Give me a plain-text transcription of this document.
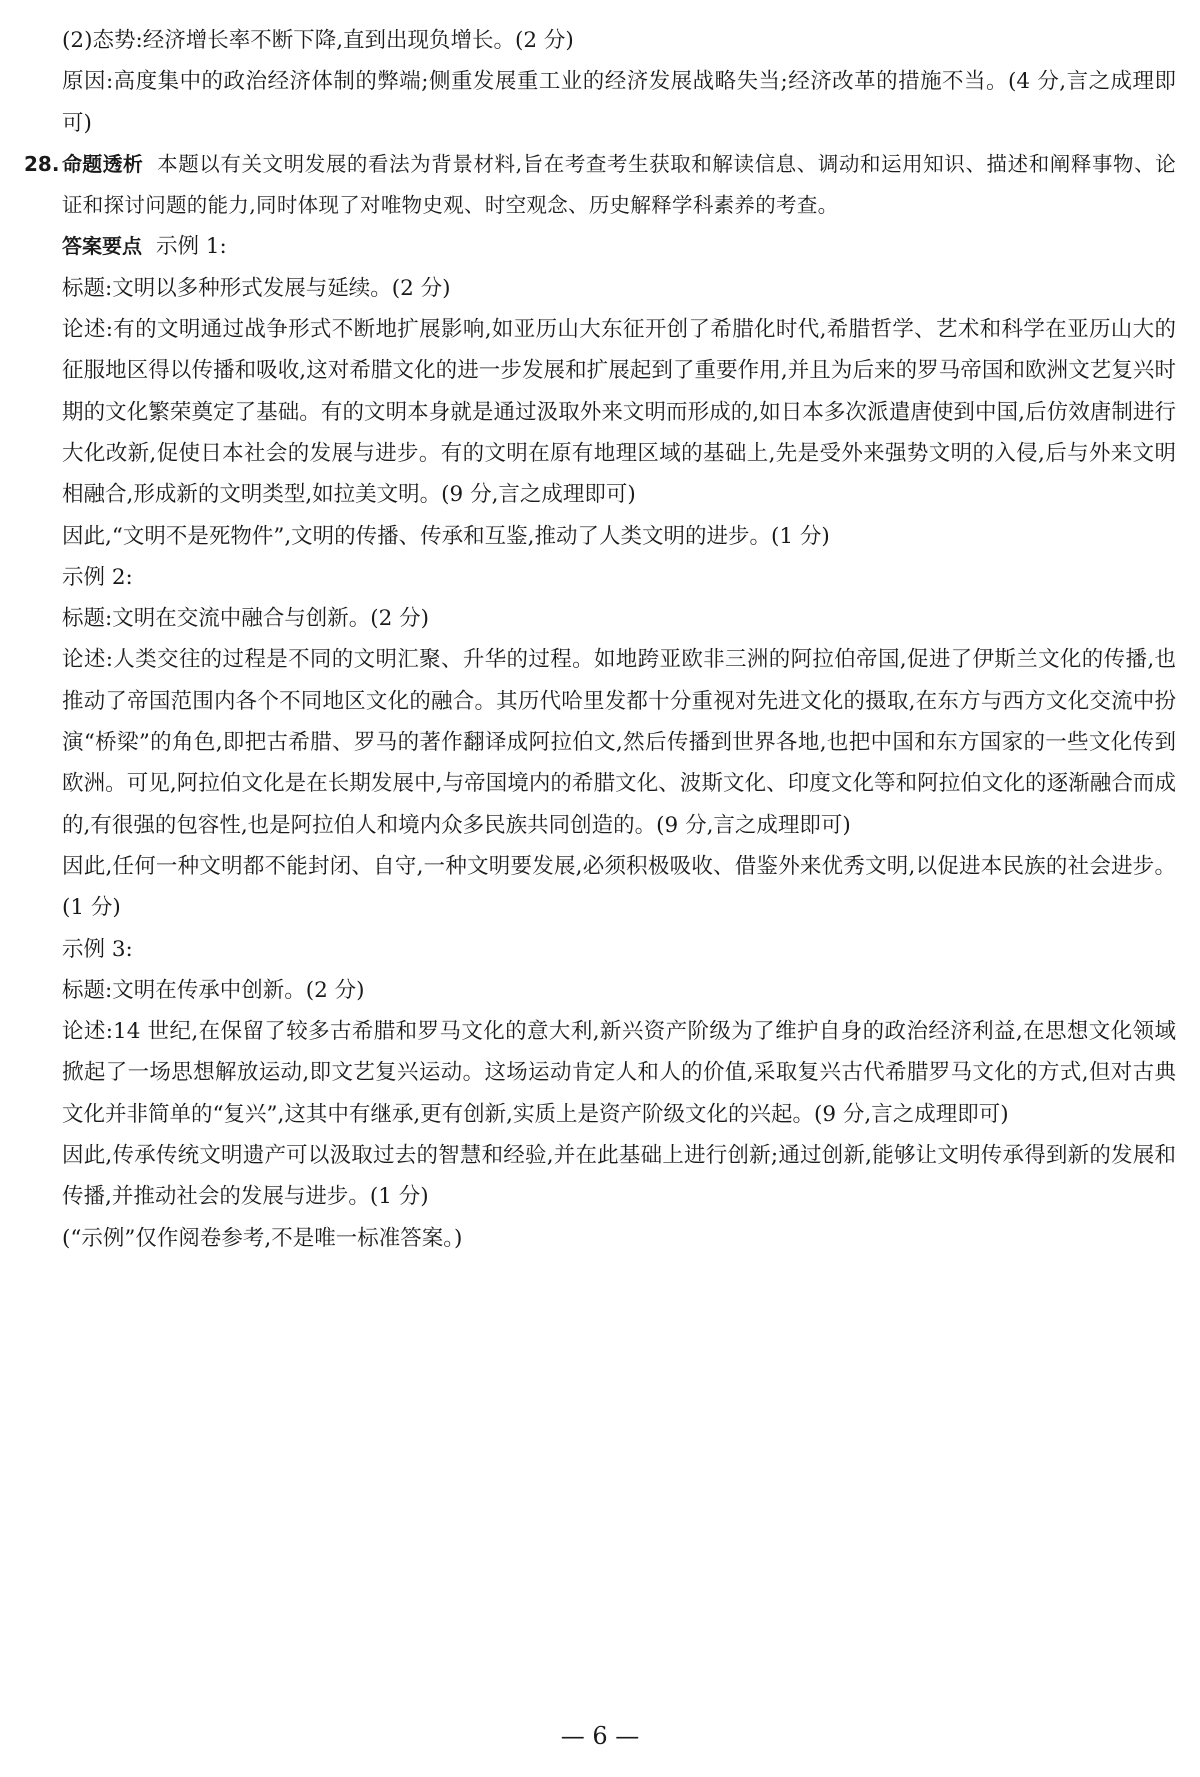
(2)态势:经济增长率不断下降,直到出现负增长。(2 分)

原因:高度集中的政治经济体制的弊端;侧重发展重工业的经济发展战略失当;经济改革的措施不当。(4 分,言之成理即可)

28. 命题透析 本题以有关文明发展的看法为背景材料,旨在考查考生获取和解读信息、调动和运用知识、描述和阐释事物、论证和探讨问题的能力,同时体现了对唯物史观、时空观念、历史解释学科素养的考查。

答案要点 示例 1:

标题:文明以多种形式发展与延续。(2 分)

论述:有的文明通过战争形式不断地扩展影响,如亚历山大东征开创了希腊化时代,希腊哲学、艺术和科学在亚历山大的征服地区得以传播和吸收,这对希腊文化的进一步发展和扩展起到了重要作用,并且为后来的罗马帝国和欧洲文艺复兴时期的文化繁荣奠定了基础。有的文明本身就是通过汲取外来文明而形成的,如日本多次派遣唐使到中国,后仿效唐制进行大化改新,促使日本社会的发展与进步。有的文明在原有地理区域的基础上,先是受外来强势文明的入侵,后与外来文明相融合,形成新的文明类型,如拉美文明。(9 分,言之成理即可)

因此,“文明不是死物件”,文明的传播、传承和互鉴,推动了人类文明的进步。(1 分)

示例 2:

标题:文明在交流中融合与创新。(2 分)

论述:人类交往的过程是不同的文明汇聚、升华的过程。如地跨亚欧非三洲的阿拉伯帝国,促进了伊斯兰文化的传播,也推动了帝国范围内各个不同地区文化的融合。其历代哈里发都十分重视对先进文化的摄取,在东方与西方文化交流中扮演“桥梁”的角色,即把古希腊、罗马的著作翻译成阿拉伯文,然后传播到世界各地,也把中国和东方国家的一些文化传到欧洲。可见,阿拉伯文化是在长期发展中,与帝国境内的希腊文化、波斯文化、印度文化等和阿拉伯文化的逐渐融合而成的,有很强的包容性,也是阿拉伯人和境内众多民族共同创造的。(9 分,言之成理即可)

因此,任何一种文明都不能封闭、自守,一种文明要发展,必须积极吸收、借鉴外来优秀文明,以促进本民族的社会进步。(1 分)

示例 3:

标题:文明在传承中创新。(2 分)

论述:14 世纪,在保留了较多古希腊和罗马文化的意大利,新兴资产阶级为了维护自身的政治经济利益,在思想文化领域掀起了一场思想解放运动,即文艺复兴运动。这场运动肯定人和人的价值,采取复兴古代希腊罗马文化的方式,但对古典文化并非简单的“复兴”,这其中有继承,更有创新,实质上是资产阶级文化的兴起。(9 分,言之成理即可)

因此,传承传统文明遗产可以汲取过去的智慧和经验,并在此基础上进行创新;通过创新,能够让文明传承得到新的发展和传播,并推动社会的发展与进步。(1 分)

(“示例”仅作阅卷参考,不是唯一标准答案。)

— 6 —
